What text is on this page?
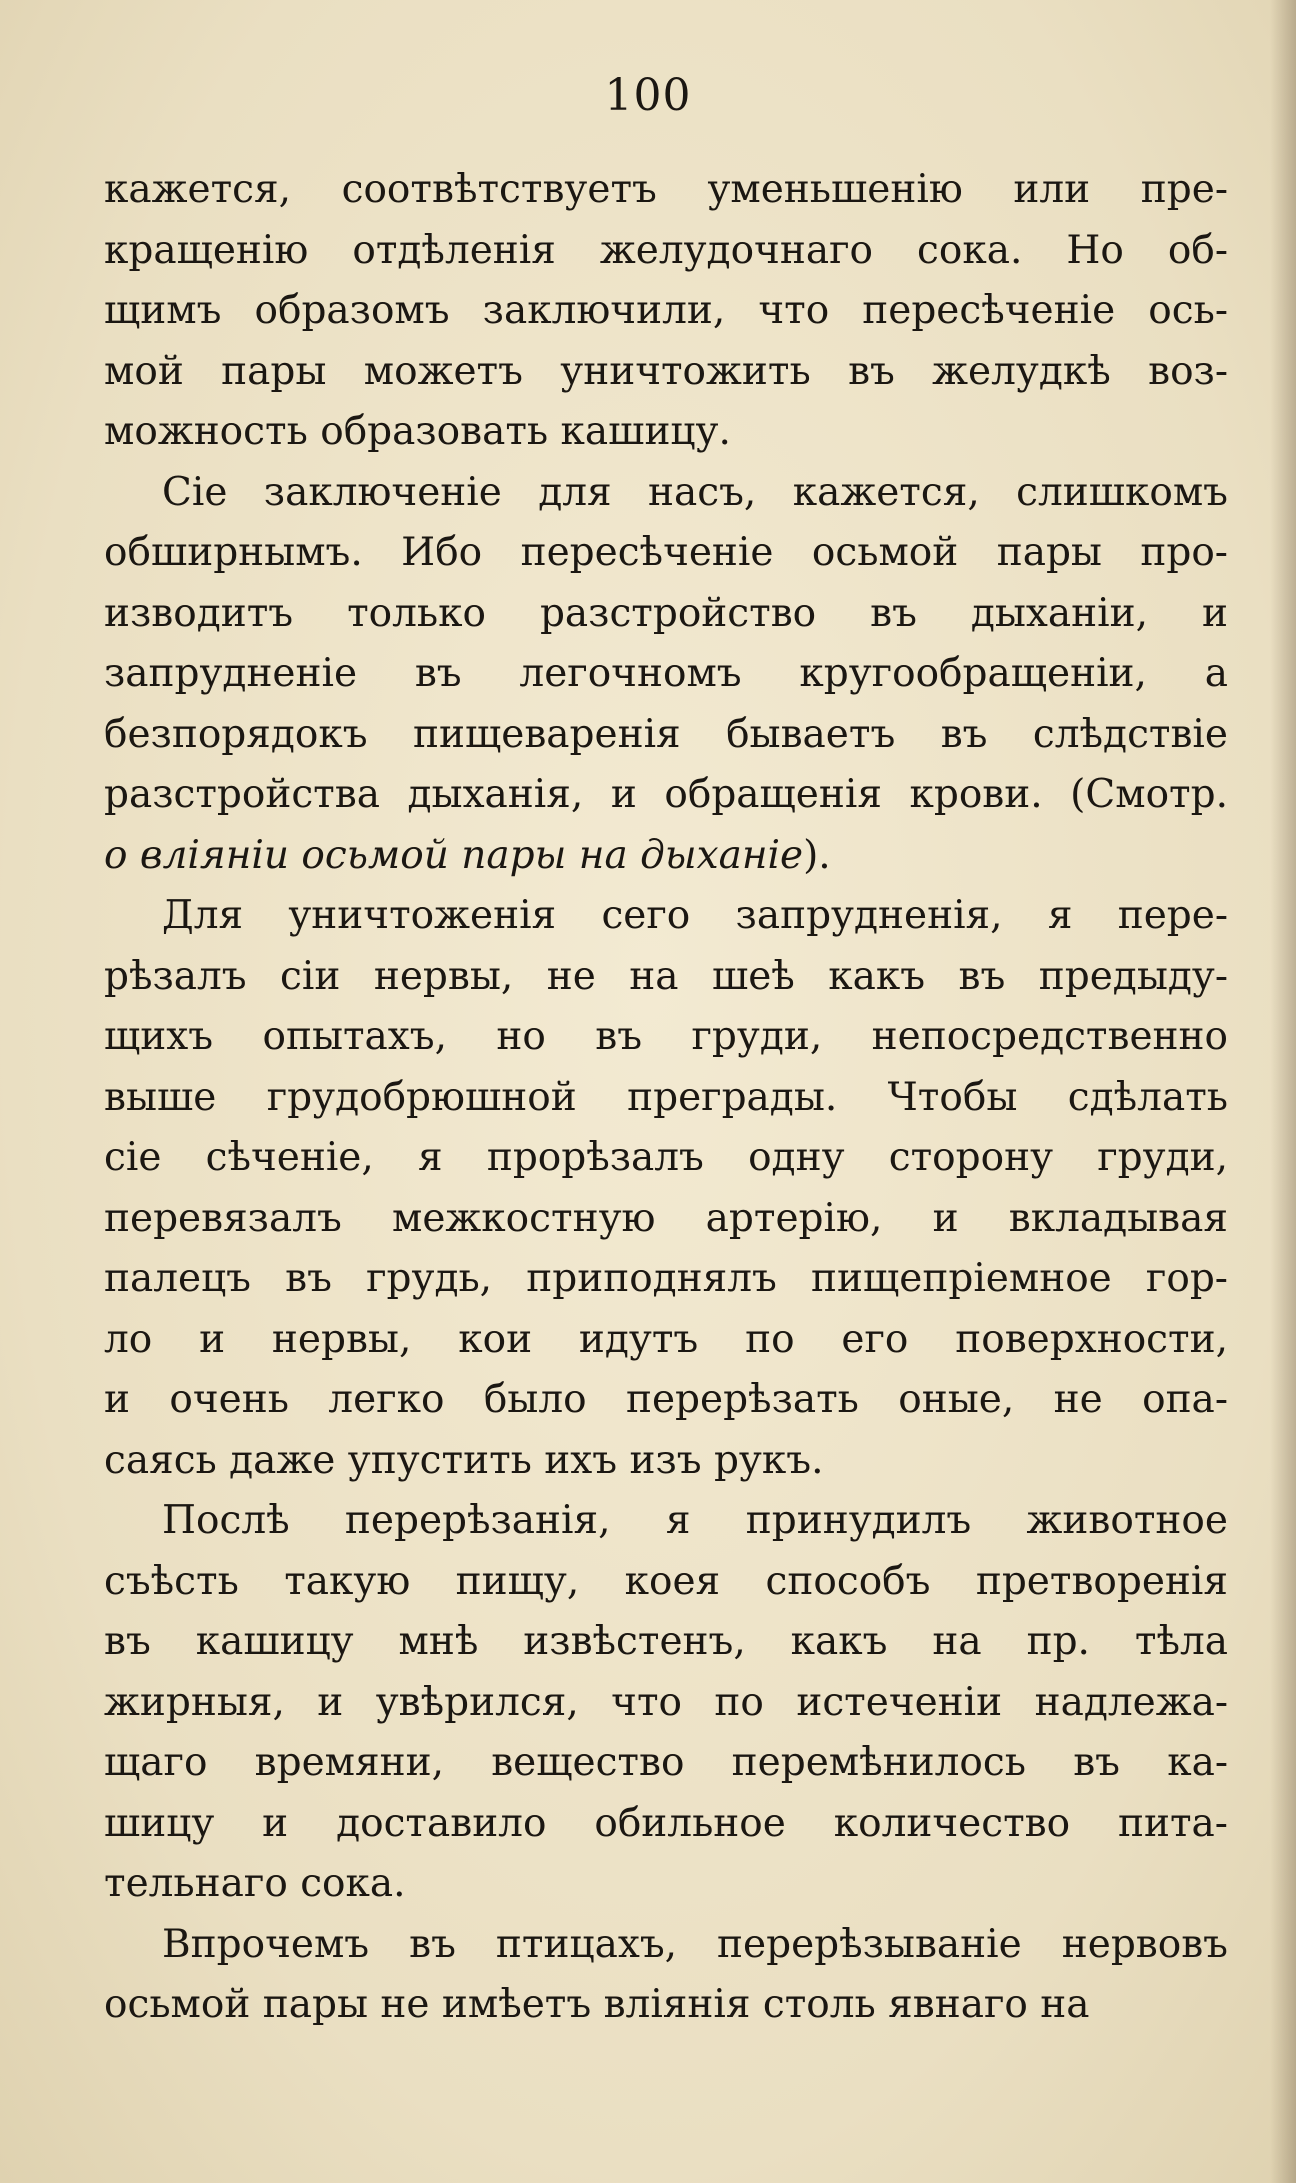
100
кажется, соотвѣтствуетъ уменьшенію или пре-
кращенію отдѣленія желудочнаго сока. Но об-
щимъ образомъ заключили, что пересѣченіе ось-
мой пары можетъ уничтожить въ желудкѣ воз-
можность образовать кашицу.
Сіе заключеніе для насъ, кажется, слишкомъ
обширнымъ. Ибо пересѣченіе осьмой пары про-
изводитъ только разстройство въ дыханіи, и
запрудненіе въ легочномъ кругообращеніи, а
безпорядокъ пищеваренія бываетъ въ слѣдствіе
разстройства дыханія, и обращенія крови. (Смотр.
о вліяніи осьмой пары на дыханіе).
Для уничтоженія сего запрудненія, я пере-
рѣзалъ сіи нервы, не на шеѣ какъ въ предыду-
щихъ опытахъ, но въ груди, непосредственно
выше грудобрюшной преграды. Чтобы сдѣлать
сіе сѣченіе, я прорѣзалъ одну сторону груди,
перевязалъ межкостную артерію, и вкладывая
палецъ въ грудь, приподнялъ пищепріемное гор-
ло и нервы, кои идутъ по его поверхности,
и очень легко было перерѣзать оные, не опа-
саясь даже упустить ихъ изъ рукъ.
Послѣ перерѣзанія, я принудилъ животное
съѣсть такую пищу, коея способъ претворенія
въ кашицу мнѣ извѣстенъ, какъ на пр. тѣла
жирныя, и увѣрился, что по истеченіи надлежа-
щаго времяни, вещество перемѣнилось въ ка-
шицу и доставило обильное количество пита-
тельнаго сока.
Впрочемъ въ птицахъ, перерѣзываніе нервовъ
осьмой пары не имѣетъ вліянія столь явнаго на
